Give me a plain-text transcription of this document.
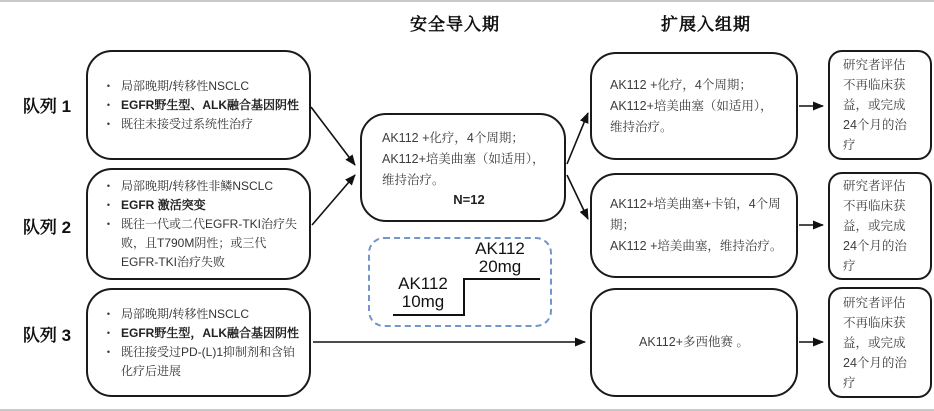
安全导入期	扩展入组期
队列 1
队列 2
队列 3
• 局部晚期/转移性NSCLC
• EGFR野生型、ALK融合基因阴性
• 既往未接受过系统性治疗
• 局部晚期/转移性非鳞NSCLC
• EGFR 激活突变
• 既往一代或二代EGFR-TKI治疗失败，且T790M阴性；或三代EGFR-TKI治疗失败
• 局部晚期/转移性NSCLC
• EGFR野生型，ALK融合基因阴性
• 既往接受过PD-(L)1抑制剂和含铂化疗后进展
AK112 +化疗，4个周期；
AK112+培美曲塞（如适用），
维持治疗。
N=12
AK112
10mg
AK112
20mg
AK112 +化疗，4个周期；
AK112+培美曲塞（如适用），
维持治疗。
AK112+培美曲塞+卡铂，4个周期；
AK112 +培美曲塞，维持治疗。
AK112+多西他赛 。
研究者评估不再临床获益，或完成24个月的治疗
研究者评估不再临床获益，或完成24个月的治疗
研究者评估不再临床获益，或完成24个月的治疗
